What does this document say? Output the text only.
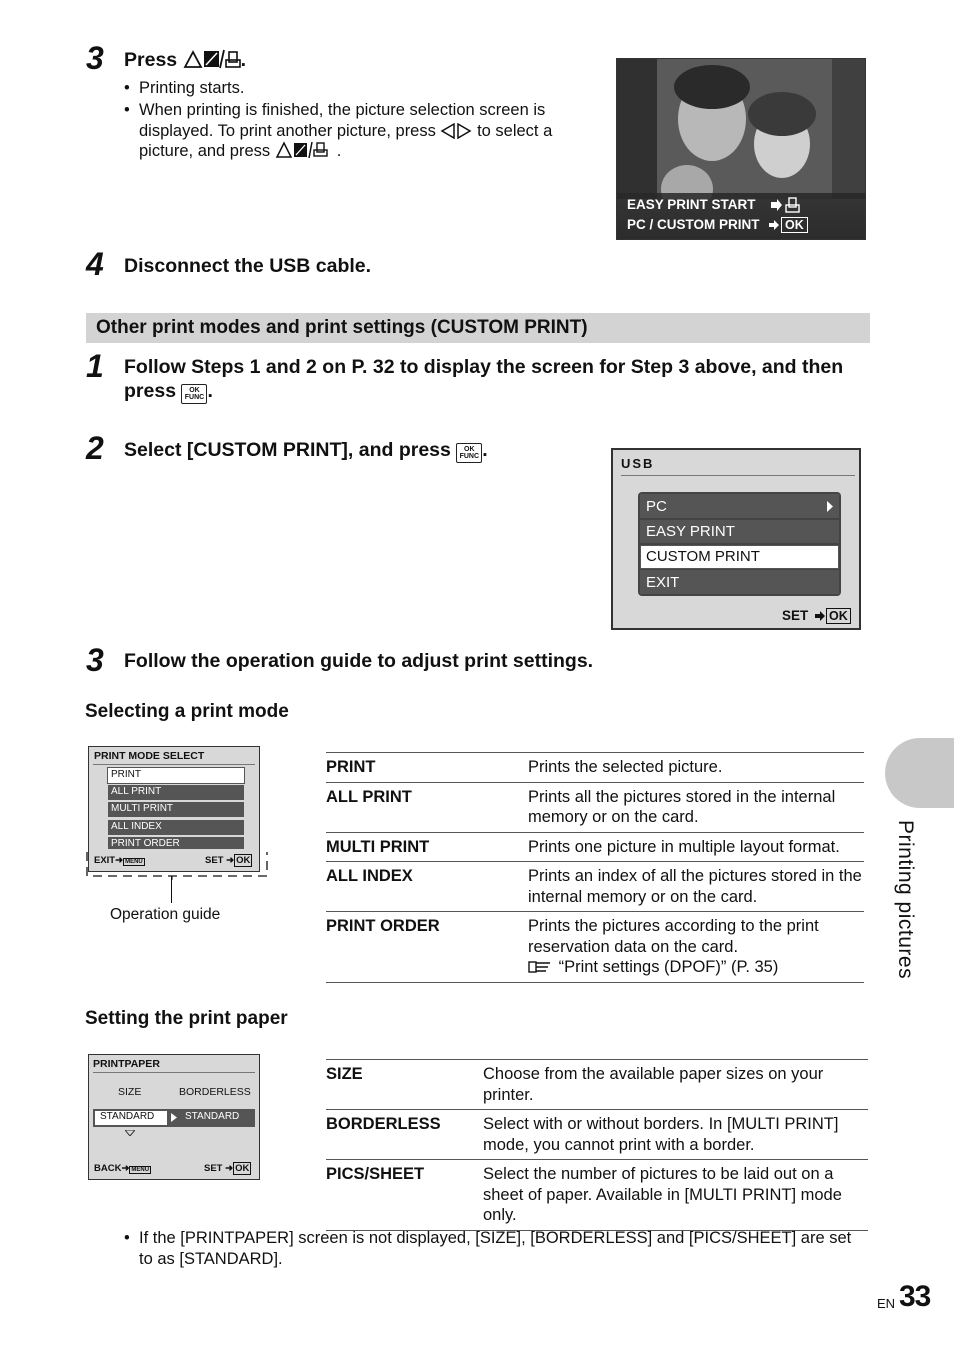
3 Press	.
• Printing starts.
• When printing is finished, the picture selection screen is displayed. To print another picture, press to select a picture, and press	.
EASY PRINT START
PC / CUSTOM PRINT	OK
4 Disconnect the USB cable.
Other print modes and print settings (CUSTOM PRINT)
1 Follow Steps 1 and 2 on P. 32 to display the screen for Step 3 above, and then press OK
FUNC .
2 Select [CUSTOM PRINT], and press OK
FUNC .
USB
PC
EASY PRINT
CUSTOM PRINT
EXIT
SET OK
3 Follow the operation guide to adjust print settings.
Selecting a print mode
PRINT MODE SELECT
PRINT
ALL PRINT
MULTI PRINT
ALL INDEX
PRINT ORDER
EXIT➜ MENU	SET ➜ OK
Operation guide
PRINT	Prints the selected picture.
ALL PRINT	Prints all the pictures stored in the internal memory or on the card.
MULTI PRINT	Prints one picture in multiple layout format.
ALL INDEX	Prints an index of all the pictures stored in the internal memory or on the card.
PRINT ORDER	Prints the pictures according to the print reservation data on the card.
“Print settings (DPOF)” (P. 35)
Setting the print paper
PRINTPAPER
SIZE	BORDERLESS
STANDARD	STANDARD
BACK➜ MENU	SET ➜ OK
SIZE	Choose from the available paper sizes on your printer.
BORDERLESS	Select with or without borders. In [MULTI PRINT] mode, you cannot print with a border.
PICS/SHEET	Select the number of pictures to be laid out on a sheet of paper. Available in [MULTI PRINT] mode only.
• If the [PRINTPAPER] screen is not displayed, [SIZE], [BORDERLESS] and [PICS/SHEET] are set to as [STANDARD].
Printing pictures
EN 33
